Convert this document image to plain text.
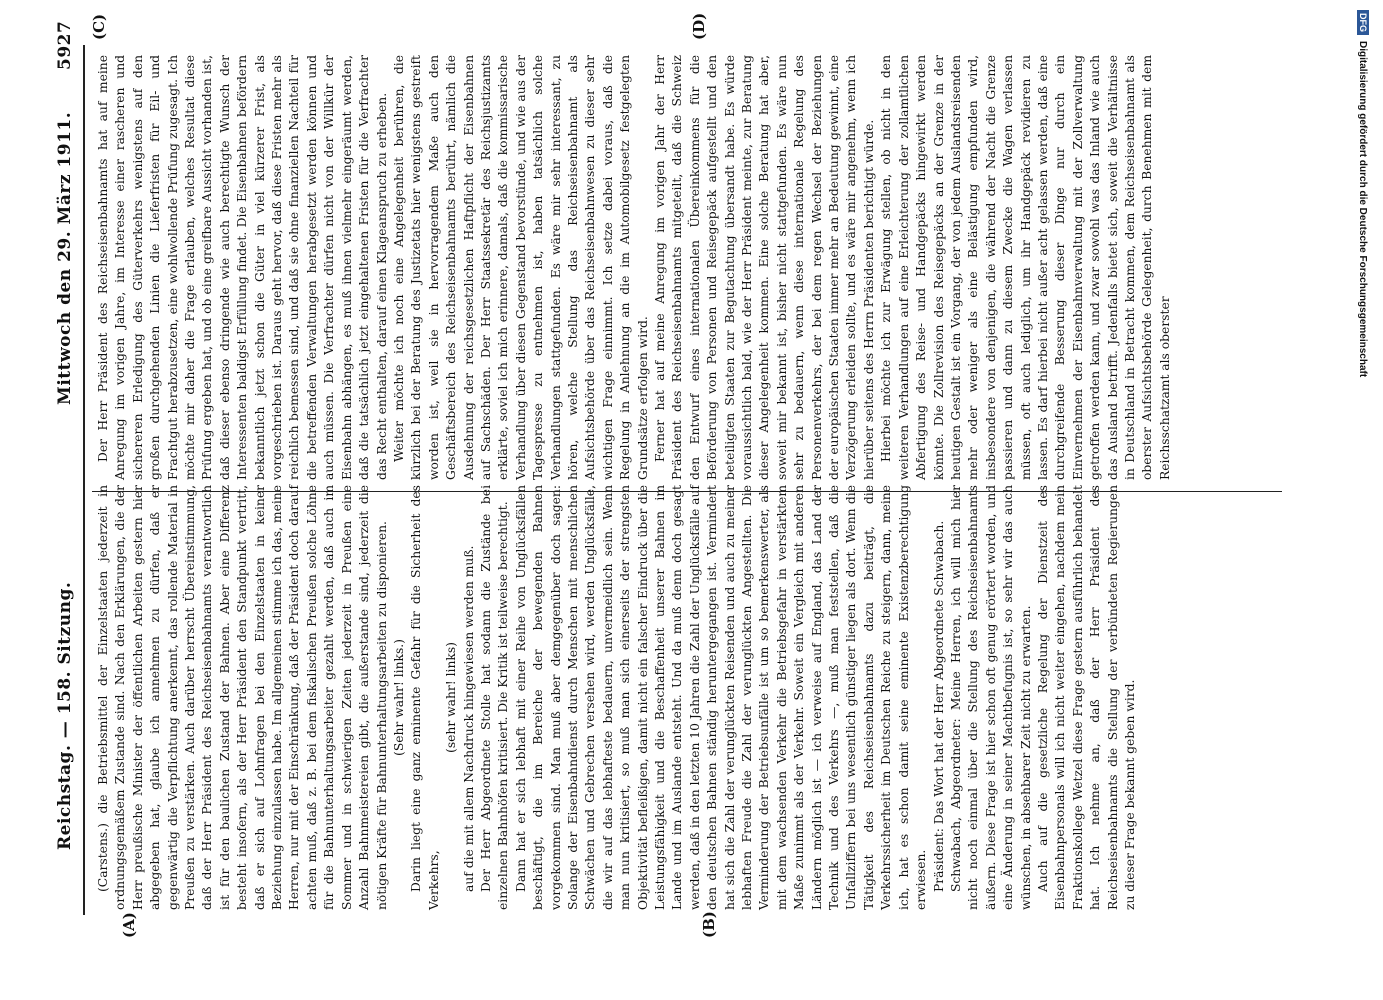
Reichstag. — 158. Sitzung.
Mittwoch den 29. März 1911.
5927
(A)	(B)
(C)	(D)

(Carstens.) die Betriebsmittel der Einzelstaaten jederzeit in ordnungsgemäßem Zustande sind. Nach den Erklärungen, die der Herr preußische Minister der öffentlichen Arbeiten gestern hier abgegeben hat, glaube ich annehmen zu dürfen, daß er gegenwärtig die Verpflichtung anerkennt, das rollende Material in Preußen zu verstärken. Auch darüber herrscht Übereinstimmung, daß der Herr Präsident des Reichseisenbahnamts verantwortlich ist für den baulichen Zustand der Bahnen. Aber eine Differenz besteht insofern, als der Herr Präsident den Standpunkt vertritt, daß er sich auf Lohnfragen bei den Einzelstaaten in keiner Beziehung einzulassen habe. Im allgemeinen stimme ich das, meine Herren, nur mit der Einschränkung, daß der Präsident doch darauf achten muß, daß z. B. bei dem fiskalischen Preußen solche Löhne für die Bahnunterhaltungsarbeiter gezahlt werden, daß auch im Sommer und in schwierigen Zeiten jederzeit in Preußen eine Anzahl Bahnmeistereien gibt, die außerstande sind, jederzeit die nötigen Kräfte für Bahnunterhaltungsarbeiten zu disponieren. (Sehr wahr! links.) Darin liegt eine ganz eminente Gefahr für die Sicherheit des Verkehrs,

(sehr wahr! links) auf die mit allem Nachdruck hingewiesen werden muß. Der Herr Abgeordnete Stolle hat sodann die Zustände bei einzelnen Bahnhöfen kritisiert. Die Kritik ist teilweise berechtigt. Dann hat er sich lebhaft mit einer Reihe von Unglücksfällen beschäftigt, die im Bereiche der bewegenden Bahnen vorgekommen sind. Man muß aber demgegenüber doch sagen: Solange der Eisenbahndienst durch Menschen mit menschlichen Schwächen und Gebrechen versehen wird, werden Unglücksfälle, die wir auf das lebhafteste bedauern, unvermeidlich sein. Wenn man nun kritisiert, so muß man sich einerseits der strengsten Objektivität befleißigen, damit nicht ein falscher Eindruck über die Leistungsfähigkeit und die Beschaffenheit unserer Bahnen im Lande und im Auslande entsteht. Und da muß denn doch gesagt werden, daß in den letzten 10 Jahren die Zahl der Unglücksfälle auf den deutschen Bahnen ständig heruntergegangen ist. Vermindert hat sich die Zahl der verunglückten Reisenden und auch zu meiner lebhaften Freude die Zahl der verunglückten Angestellten. Die Verminderung der Betriebsunfälle ist um so bemerkenswerter, als mit dem wachsenden Verkehr die Betriebsgefahr in verstärktem Maße zunimmt als der Verkehr. Soweit ein Vergleich mit anderen Ländern möglich ist — ich verweise auf England, das Land der Technik und des Verkehrs —, muß man feststellen, daß die Unfallziffern bei uns wesentlich günstiger liegen als dort. Wenn die Tätigkeit des Reichseisenbahnamts dazu beiträgt, die Verkehrssicherheit im Deutschen Reiche zu steigern, dann, meine ich, hat es schon damit seine eminente Existenzberechtigung erwiesen. Präsident: Das Wort hat der Herr Abgeordnete Schwabach. Schwabach, Abgeordneter: Meine Herren, ich will mich hier nicht noch einmal über die Stellung des Reichseisenbahnamts äußern. Diese Frage ist hier schon oft genug erörtert worden, und eine Änderung in seiner Machtbefugnis ist, so sehr wir das auch wünschen, in absehbarer Zeit nicht zu erwarten. Auch auf die gesetzliche Regelung der Dienstzeit des Eisenbahnpersonals will ich nicht weiter eingehen, nachdem mein Fraktionskollege Wetzel diese Frage gestern ausführlich behandelt hat. Ich nehme an, daß der Herr Präsident des Reichseisenbahnamts die Stellung der verbündeten Regierungen zu dieser Frage bekannt geben wird.

Der Herr Präsident des Reichseisenbahnamts hat auf meine Anregung im vorigen Jahre, im Interesse einer rascheren und sichereren Erledigung des Güterverkehrs wenigstens auf den großen durchgehenden Linien die Lieferfristen für Eil- und Frachtgut herabzusetzen, eine wohlwollende Prüfung zugesagt. Ich möchte mir daher die Frage erlauben, welches Resultat diese Prüfung ergeben hat, und ob eine greifbare Aussicht vorhanden ist, daß dieser ebenso dringende wie auch berechtigte Wunsch der Interessenten baldigst Erfüllung findet. Die Eisenbahnen befördern bekanntlich jetzt schon die Güter in viel kürzerer Frist, als vorgeschrieben ist. Daraus geht hervor, daß diese Fristen mehr als reichlich bemessen sind, und daß sie ohne finanziellen Nachteil für die betreffenden Verwaltungen herabgesetzt werden können und auch müssen. Die Verfrachter dürfen nicht von der Willkür der Eisenbahn abhängen, es muß ihnen vielmehr eingeräumt werden, daß die tatsächlich jetzt eingehaltenen Fristen für die Verfrachter das Recht enthalten, darauf einen Klageanspruch zu erheben. Weiter möchte ich noch eine Angelegenheit berühren, die kürzlich bei der Beratung des Justizetats hier wenigstens gestreift worden ist, weil sie in hervorragendem Maße auch den Geschäftsbereich des Reichseisenbahnamts berührt, nämlich die Ausdehnung der reichsgesetzlichen Haftpflicht der Eisenbahnen auf Sachschäden. Der Herr Staatssekretär des Reichsjustizamts erklärte, soviel ich mich erinnere, damals, daß die kommissarische Verhandlung über diesen Gegenstand bevorstünde, und wie aus der Tagespresse zu entnehmen ist, haben tatsächlich solche Verhandlungen stattgefunden. Es wäre mir sehr interessant, zu hören, welche Stellung das Reichseisenbahnamt als Aufsichtsbehörde über das Reichseisenbahnwesen zu dieser sehr wichtigen Frage einnimmt. Ich setze dabei voraus, daß die Regelung in Anlehnung an die im Automobilgesetz festgelegten Grundsätze erfolgen wird. Ferner hat auf meine Anregung im vorigen Jahr der Herr Präsident des Reichseisenbahnamts mitgeteilt, daß die Schweiz den Entwurf eines internationalen Übereinkommens für die Beförderung von Personen und Reisegepäck aufgestellt und den beteiligten Staaten zur Begutachtung übersandt habe. Es würde voraussichtlich bald, wie der Herr Präsident meinte, zur Beratung dieser Angelegenheit kommen. Eine solche Beratung hat aber, soweit mir bekannt ist, bisher nicht stattgefunden. Es wäre nun sehr zu bedauern, wenn diese internationale Regelung des Personenverkehrs, der bei dem regen Wechsel der Beziehungen der europäischen Staaten immer mehr an Bedeutung gewinnt, eine Verzögerung erleiden sollte, und es wäre mir angenehm, wenn ich hierüber seitens des Herrn Präsidenten berichtigt würde. Hierbei möchte ich zur Erwägung stellen, ob nicht in den weiteren Verhandlungen auf eine Erleichterung der zollamtlichen Abfertigung des Reise- und Handgepäcks hingewirkt werden könnte. Die Zollrevision des Reisegepäcks an der Grenze in der heutigen Gestalt ist ein Vorgang, der von jedem Auslandsreisenden mehr oder weniger als eine Belästigung empfunden wird, insbesondere von denjenigen, die während der Nacht die Grenze passieren und dann zu diesem Zwecke die Wagen verlassen müssen, oft auch lediglich, um ihr Handgepäck revidieren zu lassen. Es darf hierbei nicht außer acht gelassen werden, daß eine durchgreifende Besserung dieser Dinge nur durch ein Einvernehmen der Eisenbahnverwaltung mit der Zollverwaltung getroffen werden kann, und zwar sowohl was das Inland wie auch das Ausland betrifft. Jedenfalls bietet sich, soweit die Verhältnisse in Deutschland in Betracht kommen, dem Reichseisenbahnamt als oberster Aufsichtsbehörde Gelegenheit, durch Benehmen mit dem Reichsschatzamt als oberster

DFGDigitalisierung gefördert durch die Deutsche Forschungsgemeinschaft
